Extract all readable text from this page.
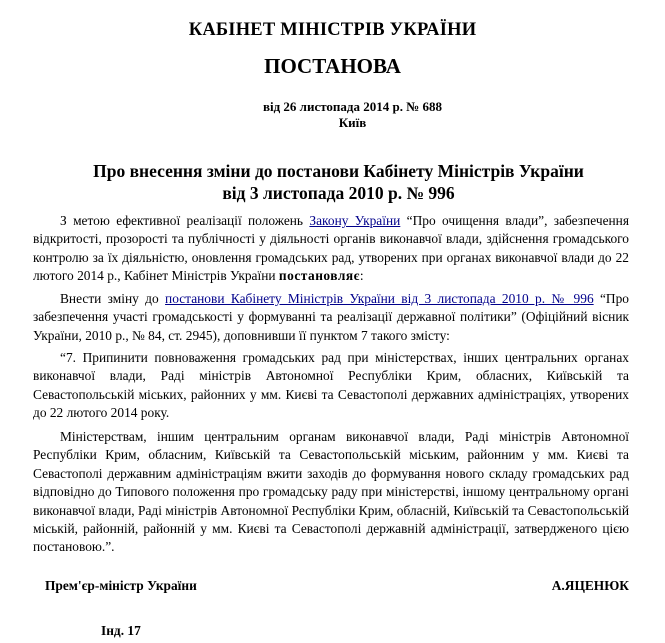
КАБІНЕТ МІНІСТРІВ УКРАЇНИ
ПОСТАНОВА
від 26 листопада 2014 р. № 688
Київ
Про внесення зміни до постанови Кабінету Міністрів України
від 3 листопада 2010 р. № 996
З метою ефективної реалізації положень Закону України “Про очищення влади”, забезпечення відкритості, прозорості та публічності у діяльності органів виконавчої влади, здійснення громадського контролю за їх діяльністю, оновлення громадських рад, утворених при органах виконавчої влади до 22 лютого 2014 р., Кабінет Міністрів України постановляє:
Внести зміну до постанови Кабінету Міністрів України від 3 листопада 2010 р. № 996 “Про забезпечення участі громадськості у формуванні та реалізації державної політики” (Офіційний вісник України, 2010 р., № 84, ст. 2945), доповнивши її пунктом 7 такого змісту:
“7. Припинити повноваження громадських рад при міністерствах, інших центральних органах виконавчої влади, Раді міністрів Автономної Республіки Крим, обласних, Київській та Севастопольській міських, районних у мм. Києві та Севастополі державних адміністраціях, утворених до 22 лютого 2014 року.
Міністерствам, іншим центральним органам виконавчої влади, Раді міністрів Автономної Республіки Крим, обласним, Київській та Севастопольській міським, районним у мм. Києві та Севастополі державним адміністраціям вжити заходів до формування нового складу громадських рад відповідно до Типового положення про громадську раду при міністерстві, іншому центральному органі виконавчої влади, Раді міністрів Автономної Республіки Крим, обласній, Київській та Севастопольській міській, районній, районній у мм. Києві та Севастополі державній адміністрації, затвердженого цією постановою.”.
Прем'єр-міністр України	А.ЯЦЕНЮК
Інд. 17
